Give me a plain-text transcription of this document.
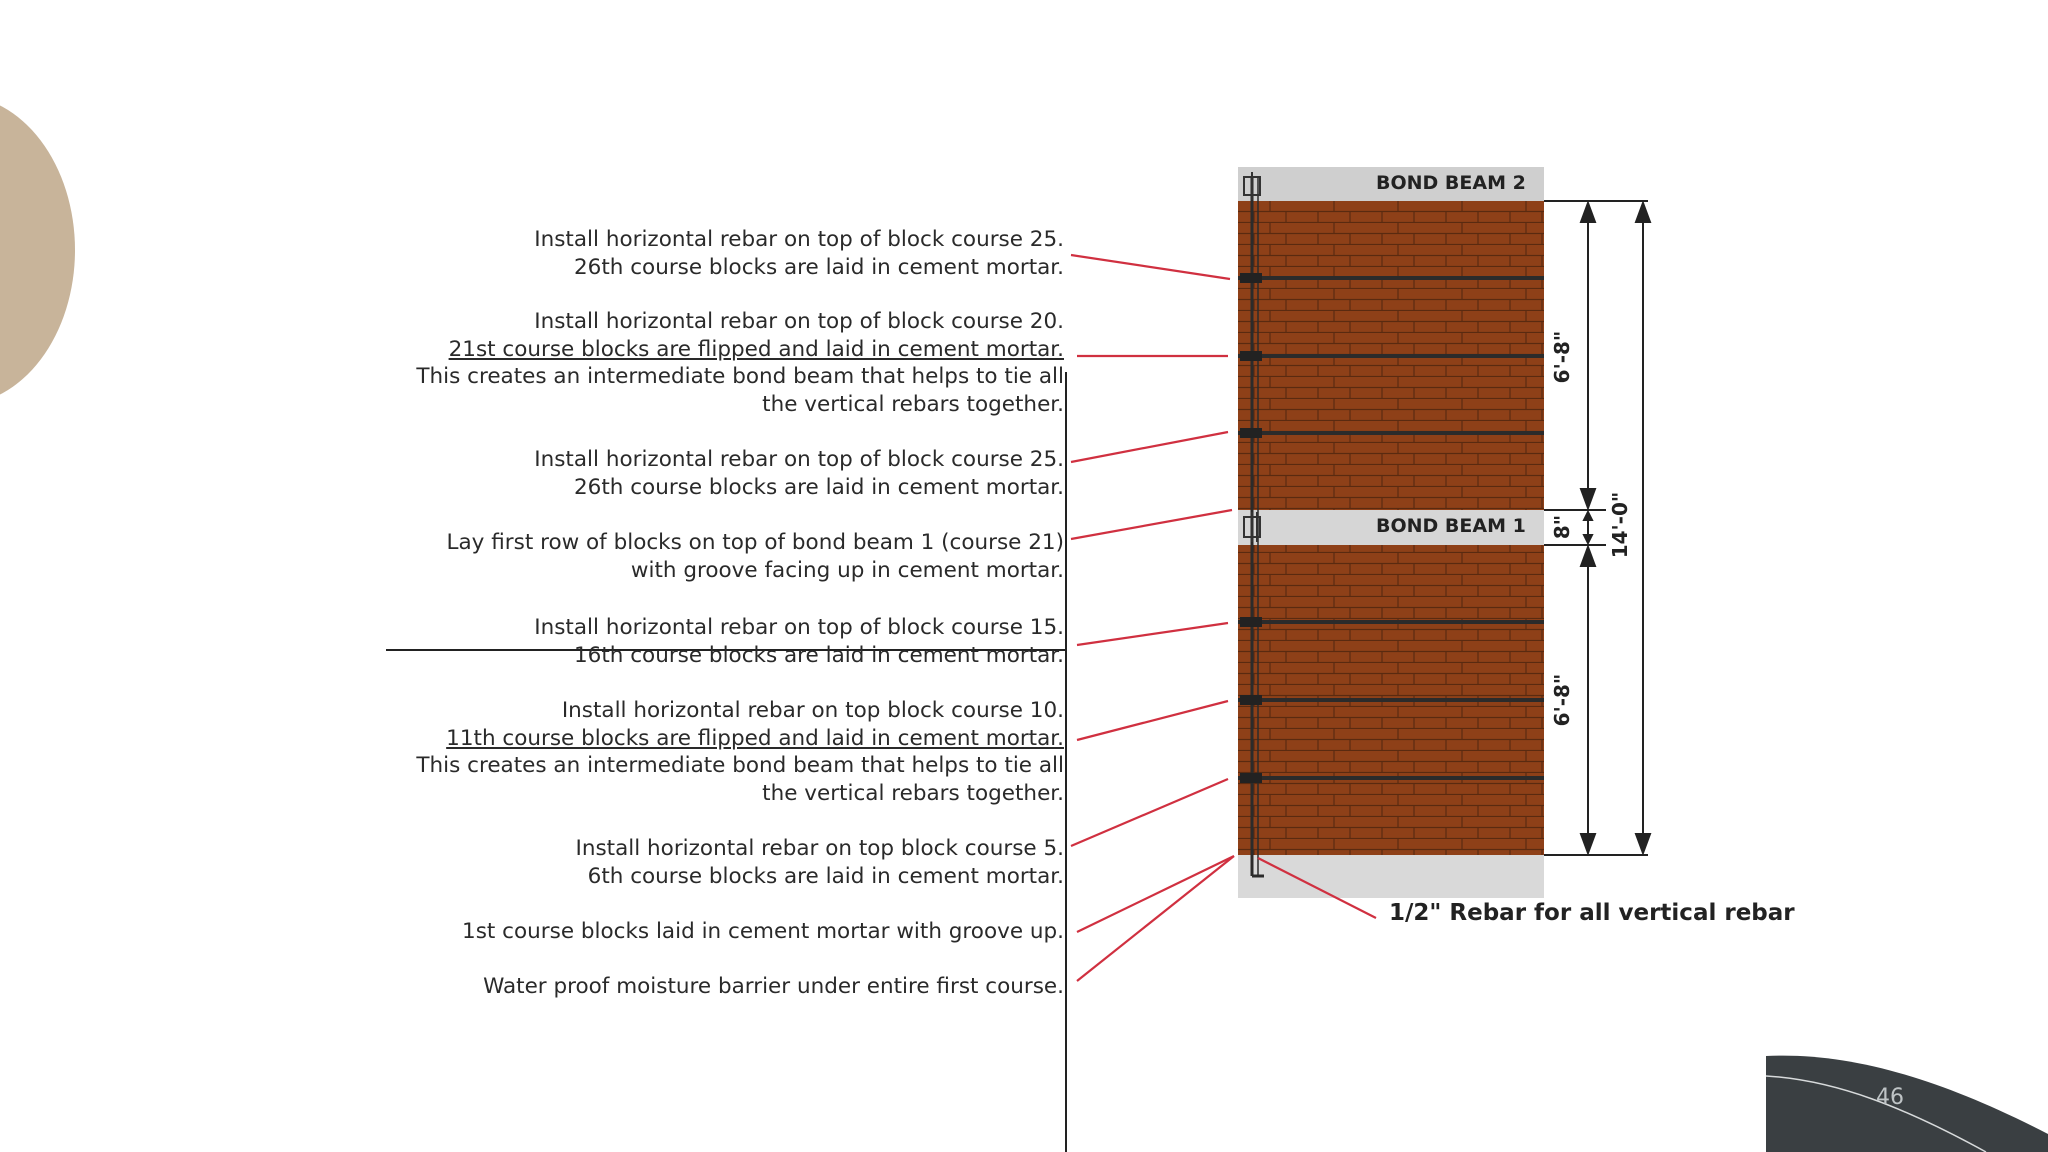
BOND BEAM 2
BOND BEAM 1
6'-8"
8"
6'-8"
14'-0"
1/2" Rebar for all vertical rebar
Install horizontal rebar on top of block course 25.
26th course blocks are laid in cement mortar.
Install horizontal rebar on top of block course 20.
21st course blocks are flipped and laid in cement mortar.
This creates an intermediate bond beam that helps to tie all
the vertical rebars together.
Install horizontal rebar on top of block course 25.
26th course blocks are laid in cement mortar.
Lay first row of blocks on top of bond beam 1 (course 21)
with groove facing up in cement mortar.
Install horizontal rebar on top of block course 15.
16th course blocks are laid in cement mortar.
Install horizontal rebar on top block course 10.
11th course blocks are flipped and laid in cement mortar.
This creates an intermediate bond beam that helps to tie all
the vertical rebars together.
Install horizontal rebar on top block course 5.
6th course blocks are laid in cement mortar.
1st course blocks laid in cement mortar with groove up.
Water proof moisture barrier under entire first course.
46
